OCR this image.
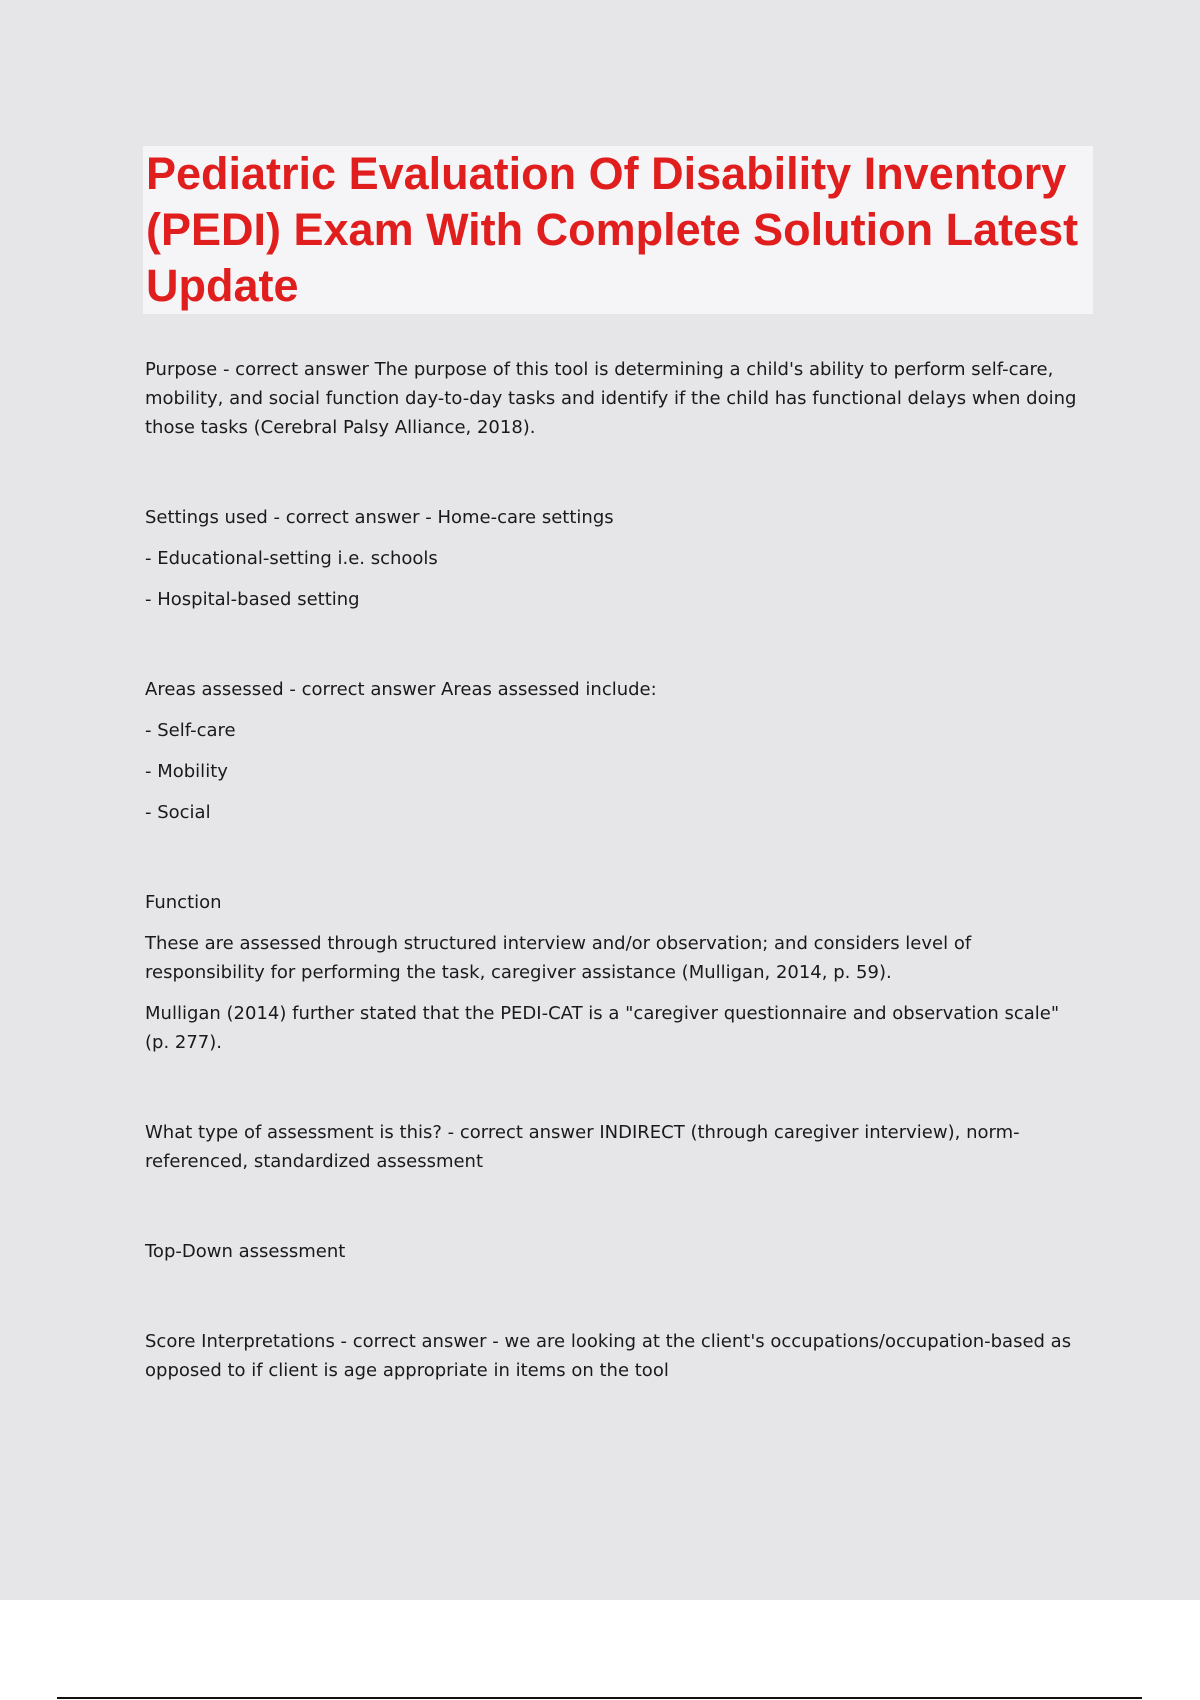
Pediatric Evaluation Of Disability Inventory (PEDI) Exam With Complete Solution Latest Update

Purpose - correct answer The purpose of this tool is determining a child's ability to perform self-care, mobility, and social function day-to-day tasks and identify if the child has functional delays when doing those tasks (Cerebral Palsy Alliance, 2018).

Settings used - correct answer - Home-care settings

- Educational-setting i.e. schools

- Hospital-based setting

Areas assessed - correct answer Areas assessed include:

- Self-care

- Mobility

- Social

Function

These are assessed through structured interview and/or observation; and considers level of responsibility for performing the task, caregiver assistance (Mulligan, 2014, p. 59).

Mulligan (2014) further stated that the PEDI-CAT is a "caregiver questionnaire and observation scale" (p. 277).

What type of assessment is this? - correct answer INDIRECT (through caregiver interview), norm-referenced, standardized assessment

Top-Down assessment

Score Interpretations - correct answer - we are looking at the client's occupations/occupation-based as opposed to if client is age appropriate in items on the tool
